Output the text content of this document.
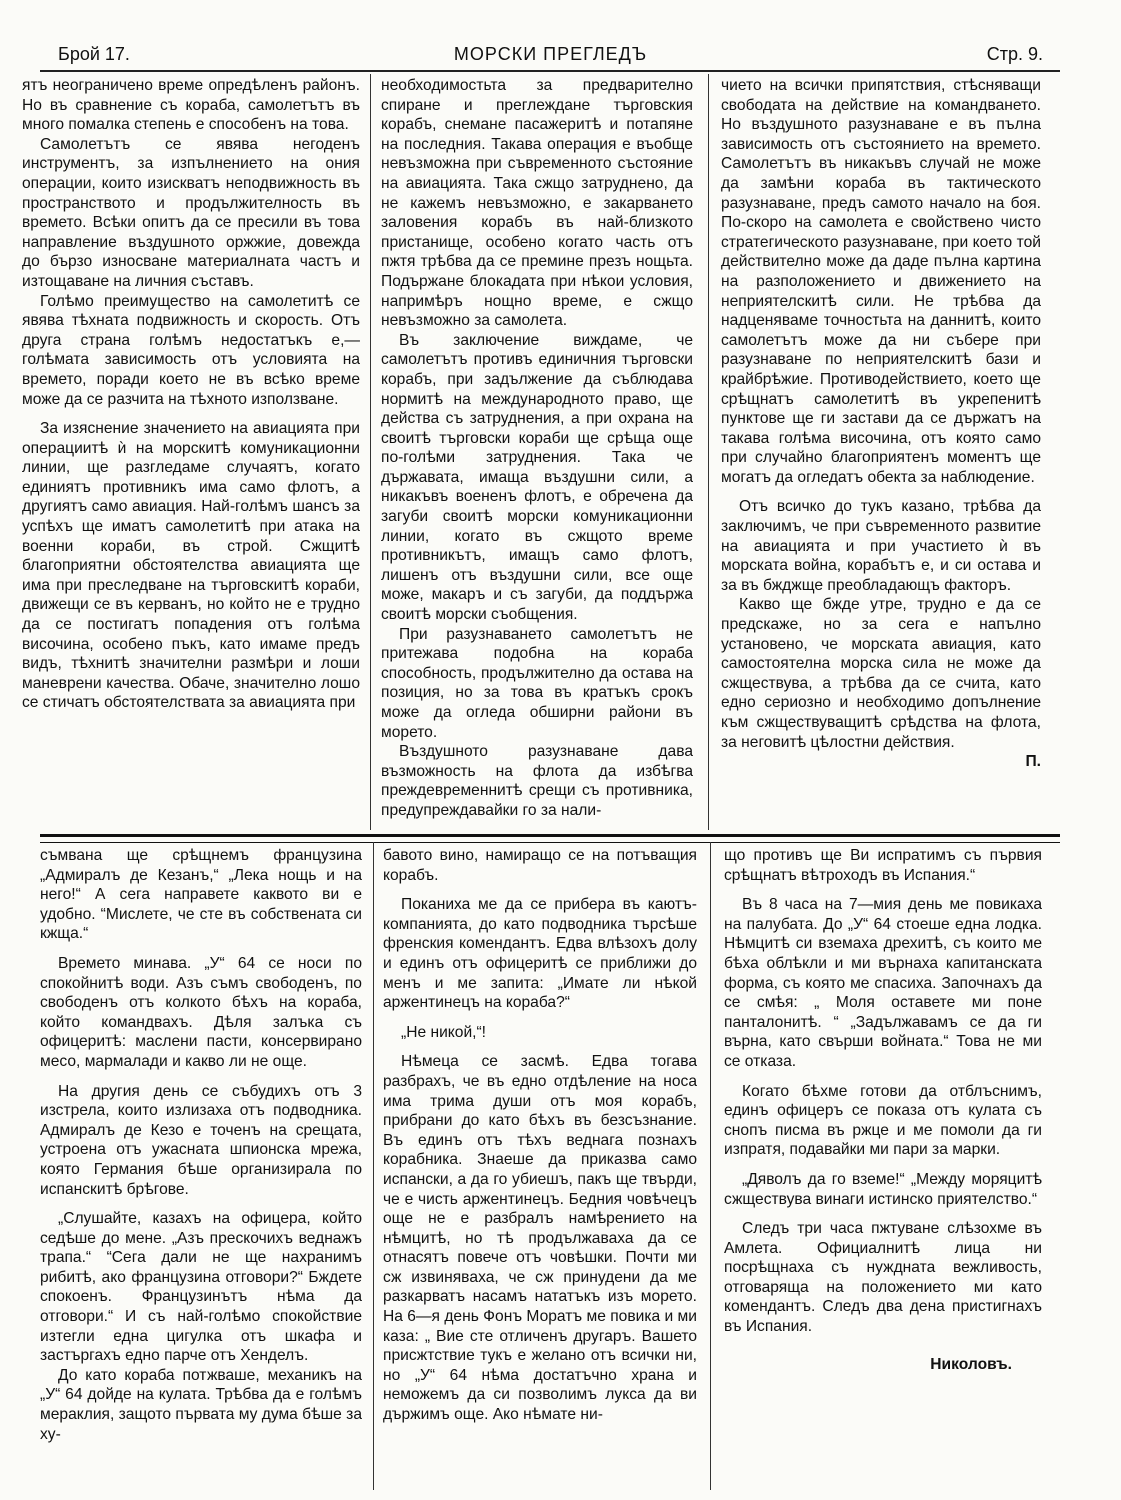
Брой 17.	МОРСКИ ПРЕГЛЕДЪ	Стр. 9.

ятъ неограничено време опредѣленъ районъ. Но въ сравнение съ кораба, самолетътъ въ много помалка степень е способенъ на това.

Самолетътъ се явява негоденъ инструментъ, за изпълнението на ония операции, които изискватъ неподвижность въ пространството и продължителность въ времето. Всѣки опитъ да се пресили въ това направление въздушното оржжие, довежда до бързо износване материалната частъ и изтощаване на личния съставъ.

Голѣмо преимущество на самолетитѣ се явява тѣхната подвижность и скорость. Отъ друга страна голѣмъ недостатъкъ е,—голѣмата зависимость отъ условията на времето, поради което не въ всѣко време може да се разчита на тѣхното използване.

За изяснение значението на авиацията при операциитѣ ѝ на морскитѣ комуникационни линии, ще разгледаме случаятъ, когато единиятъ противникъ има само флотъ, а другиятъ само авиация. Най-голѣмъ шансъ за успѣхъ ще иматъ самолетитѣ при атака на военни кораби, въ строй. Сжщитѣ благоприятни обстоятелства авиацията ще има при преследване на търговскитѣ кораби, движещи се въ керванъ, но който не е трудно да се постигатъ попадения отъ голѣма височина, особено пъкъ, като имаме предъ видъ, тѣхнитѣ значителни размѣри и лоши маневрени качества. Обаче, значително лошо се стичатъ обстоятелствата за авиацията при

необходимостьта за предварително спиране и преглеждане търговския корабъ, снемане пасажеритѣ и потапяне на последния. Такава операция е въобще невъзможна при съвременното състояние на авиацията. Така сжщо затруднено, да не кажемъ невъзможно, е закарването заловения корабъ въ най-близкото пристанище, особено когато часть отъ пжтя трѣбва да се премине презъ нощьта. Подържане блокадата при нѣкои условия, напримѣръ нощно време, е сжщо невъзможно за самолета.

Въ заключение виждаме, че самолетътъ противъ единичния търговски корабъ, при задължение да съблюдава нормитѣ на международното право, ще действа съ затруднения, а при охрана на своитѣ търговски кораби ще срѣща още по-голѣми затруднения. Така че държавата, имаща въздушни сили, а никакъвъ воененъ флотъ, е обречена да загуби своитѣ морски комуникационни линии, когато въ сжщото време противникътъ, имащъ само флотъ, лишенъ отъ въздушни сили, все още може, макаръ и съ загуби, да поддържа своитѣ морски съобщения.

При разузнаването самолетътъ не притежава подобна на кораба способность, продължително да остава на позиция, но за това въ кратъкъ срокъ може да огледа обширни райони въ морето.

Въздушното разузнаване дава възможность на флота да избѣгва преждевременнитѣ срещи съ противника, предупреждавайки го за нали-

чието на всички припятствия, стѣсняващи свободата на действие на командването. Но въздушното разузнаване е въ пълна зависимость отъ състоянието на времето. Самолетътъ въ никакъвъ случай не може да замѣни кораба въ тактическото разузнаване, предъ самото начало на боя. По-скоро на самолета е свойствено чисто стратегическото разузнаване, при което той действително може да даде пълна картина на разположението и движението на неприятелскитѣ сили. Не трѣбва да надценяваме точностьта на даннитѣ, които самолетътъ може да ни събере при разузнаване по неприятелскитѣ бази и крайбрѣжие. Противодействието, което ще срѣщнатъ самолетитѣ въ укрепенитѣ пунктове ще ги застави да се държатъ на такава голѣма височина, отъ която само при случайно благоприятенъ моментъ ще могатъ да огледатъ обекта за наблюдение.

Отъ всичко до тукъ казано, трѣбва да заключимъ, че при съвременното развитие на авиацията и при участието ѝ въ морската война, корабътъ е, и си остава и за въ бжджще преобладающъ факторъ.

Какво ще бжде утре, трудно е да се предскаже, но за сега е напълно установено, че морската авиация, като самостоятелна морска сила не може да сжществува, а трѣбва да се счита, като едно сериозно и необходимо допълнение към сжществуващитѣ срѣдства на флота, за неговитѣ цѣлостни действия.

П.

съмвана ще срѣщнемъ французина „Адмиралъ де Кезанъ,“ „Лека нощь и на него!“ А сега направете каквото ви е удобно. “Мислете, че сте въ собствената си кжща.“

Времето минава. „У“ 64 се носи по спокойнитѣ води. Азъ съмъ свободенъ, по свободенъ отъ колкото бѣхъ на кораба, който командвахъ. Дѣля залъка съ офицеритѣ: маслени пасти, консервирано месо, мармалади и какво ли не още.

На другия день се събудихъ отъ 3 изстрела, които излизаха отъ подводника. Адмиралъ де Кезо е точенъ на срещата, устроена отъ ужасната шпионска мрежа, която Германия бѣше организирала по испанскитѣ брѣгове.

„Слушайте, казахъ на офицера, който седѣше до мене. „Азъ прескочихъ веднажъ трапа.“ “Сега дали не ще нахранимъ рибитѣ, ако французина отговори?“ Бждете спокоенъ. Французинътъ нѣма да отговори.“ И съ най-голѣмо спокойствие изтегли една цигулка отъ шкафа и застъргахъ едно парче отъ Хенделъ.

До като кораба потжваше, механикъ на „У“ 64 дойде на кулата. Трѣбва да е голѣмъ мераклия, защото първата му дума бѣше за ху-

бавото вино, намиращо се на потъващия корабъ.

Поканиха ме да се прибера въ каютъ-компанията, до като подводника търсѣше френския комендантъ. Едва влѣзохъ долу и единъ отъ офицеритѣ се приближи до менъ и ме запита: „Имате ли нѣкой аржентинецъ на кораба?“

„Не никой,“!

Нѣмеца се засмѣ. Едва тогава разбрахъ, че въ едно отдѣление на носа има трима души отъ моя корабъ, прибрани до като бѣхъ въ безсъзнание. Въ единъ отъ тѣхъ веднага познахъ корабника. Знаеше да приказва само испански, а да го убиешъ, пакъ ще твърди, че е чисть аржентинецъ. Бедния човѣчецъ още не е разбралъ намѣрението на нѣмцитѣ, но тѣ продължаваха да се отнасятъ повече отъ човѣшки. Почти ми сж извинявaха, че сж принудени да ме разкарватъ насамъ нататъкъ изъ морето. На 6—я день Фонъ Моратъ ме повика и ми каза: „ Вие сте отличенъ другаръ. Вашето присжтствие тукъ е желано отъ всички ни, но „У“ 64 нѣма достатъчно храна и неможемъ да си позволимъ лукса да ви държимъ още. Ако нѣмате ни-

що противъ ще Ви испратимъ съ първия срѣщнатъ вѣтроходъ въ Испания.“

Въ 8 часа на 7—мия день ме повикаха на палубата. До „У“ 64 стоеше една лодка. Нѣмцитѣ си вземаха дрехитѣ, съ които ме бѣха облѣкли и ми върнаха капитанската форма, съ която ме спасиха. Започнахъ да се смѣя: „ Моля оставете ми поне панталонитѣ. “ „Задължавамъ се да ги върна, като свърши войната.“ Това не ми се отказа.

Когато бѣхме готови да отблъснимъ, единъ офицеръ се показа отъ кулата съ снопъ писма въ ржце и ме помоли да ги изпратя, подавайки ми пари за марки.

„Дяволъ да го вземе!“ „Между моряцитѣ сжществува винаги истинско приятелство.“

Следъ три часа пжтуване слѣзохме въ Амлета. Официалнитѣ лица ни посрѣщнаха съ нуждната вежливость, отговаряща на положението ми като комендантъ. Следъ два дена пристигнахъ въ Испания.

Николовъ.
